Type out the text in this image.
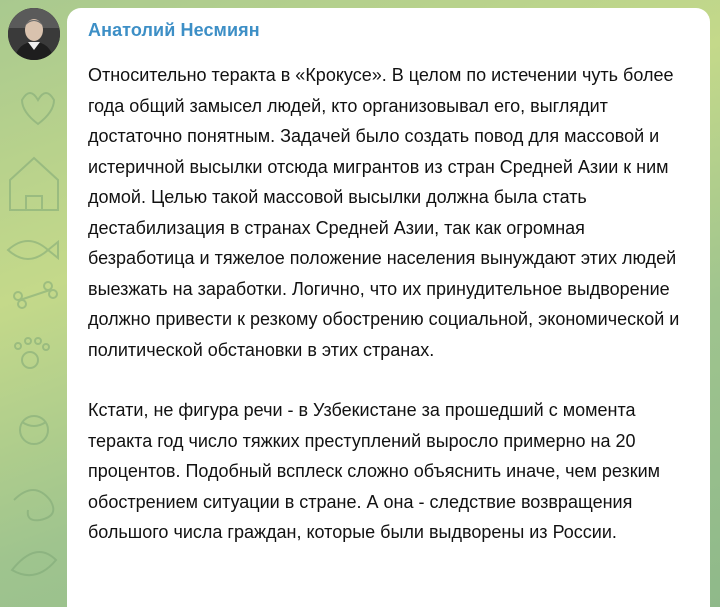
Анатолий Несмиян

Относительно теракта в «Крокусе». В целом по истечении чуть более года общий замысел людей, кто организовывал его, выглядит достаточно понятным. Задачей было создать повод для массовой и истеричной высылки отсюда мигрантов из стран Средней Азии к ним домой. Целью такой массовой высылки должна была стать дестабилизация в странах Средней Азии, так как огромная безработица и тяжелое положение населения вынуждают этих людей выезжать на заработки. Логично, что их принудительное выдворение должно привести к резкому обострению социальной, экономической и политической обстановки в этих странах.

Кстати, не фигура речи - в Узбекистане за прошедший с момента теракта год число тяжких преступлений выросло примерно на 20 процентов. Подобный всплеск сложно объяснить иначе, чем резким обострением ситуации в стране. А она - следствие возвращения большого числа граждан, которые были выдворены из России.
